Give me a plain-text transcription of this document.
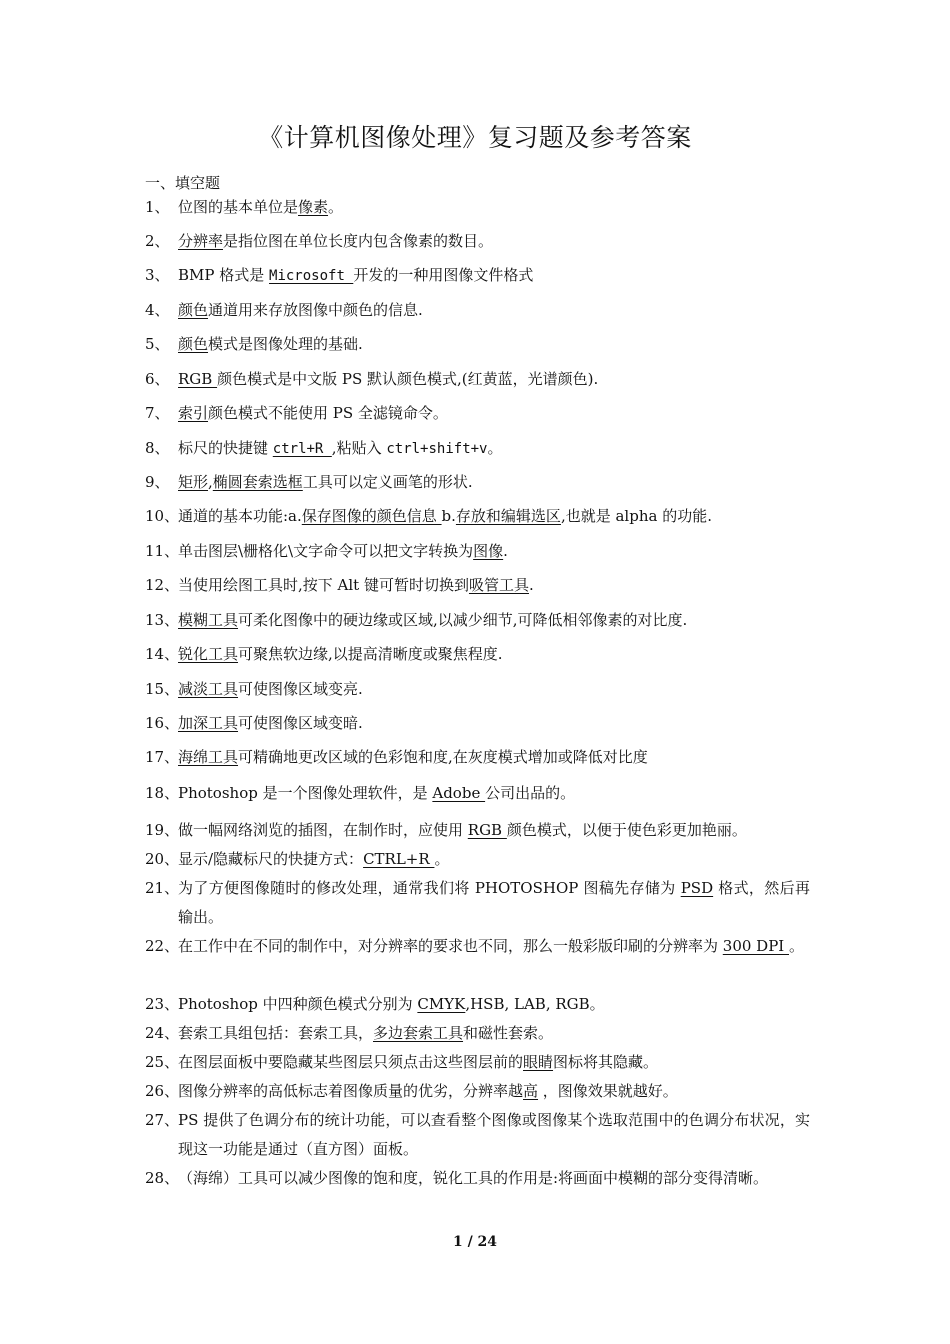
《计算机图像处理》复习题及参考答案
一、填空题
1、 位图的基本单位是像素。
2、 分辨率是指位图在单位长度内包含像素的数目。
3、 BMP 格式是 Microsoft 开发的一种用图像文件格式
4、 颜色通道用来存放图像中颜色的信息.
5、 颜色模式是图像处理的基础.
6、 RGB 颜色模式是中文版 PS 默认颜色模式,(红黄蓝，光谱颜色).
7、 索引颜色模式不能使用 PS 全滤镜命令。
8、 标尺的快捷键 ctrl+R ,粘贴入 ctrl+shift+v。
9、 矩形,椭圆套索选框工具可以定义画笔的形状.
10、
通道的基本功能:a.保存图像的颜色信息 b.存放和编辑选区,也就是 alpha 的功能.
11、
单击图层\栅格化\文字命令可以把文字转换为图像.
12、
当使用绘图工具时,按下 Alt 键可暂时切换到吸管工具.
13、
模糊工具可柔化图像中的硬边缘或区域,以减少细节,可降低相邻像素的对比度.
14、
锐化工具可聚焦软边缘,以提高清晰度或聚焦程度.
15、
减淡工具可使图像区域变亮.
16、
加深工具可使图像区域变暗.
17、
海绵工具可精确地更改区域的色彩饱和度,在灰度模式增加或降低对比度
18、
Photoshop 是一个图像处理软件，是 Adobe 公司出品的。
19、
做一幅网络浏览的插图，在制作时，应使用 RGB 颜色模式，以便于使色彩更加艳丽。
20、
显示/隐藏标尺的快捷方式：CTRL+R 。
21、
为了方便图像随时的修改处理，通常我们将 PHOTOSHOP 图稿先存储为 PSD 格式，然后再输出。
22、
在工作中在不同的制作中，对分辨率的要求也不同，那么一般彩版印刷的分辨率为 300 DPI 。
23、
Photoshop 中四种颜色模式分别为 CMYK,HSB, LAB, RGB。
24、
套索工具组包括：套索工具，多边套索工具和磁性套索。
25、
在图层面板中要隐藏某些图层只须点击这些图层前的眼睛图标将其隐藏。
26、
图像分辨率的高低标志着图像质量的优劣，分辨率越高 ，图像效果就越好。
27、
PS 提供了色调分布的统计功能，可以查看整个图像或图像某个选取范围中的色调分布状况，实现这一功能是通过（直方图）面板。
28、
（海绵）工具可以减少图像的饱和度，锐化工具的作用是:将画面中模糊的部分变得清晰。
1 / 24
